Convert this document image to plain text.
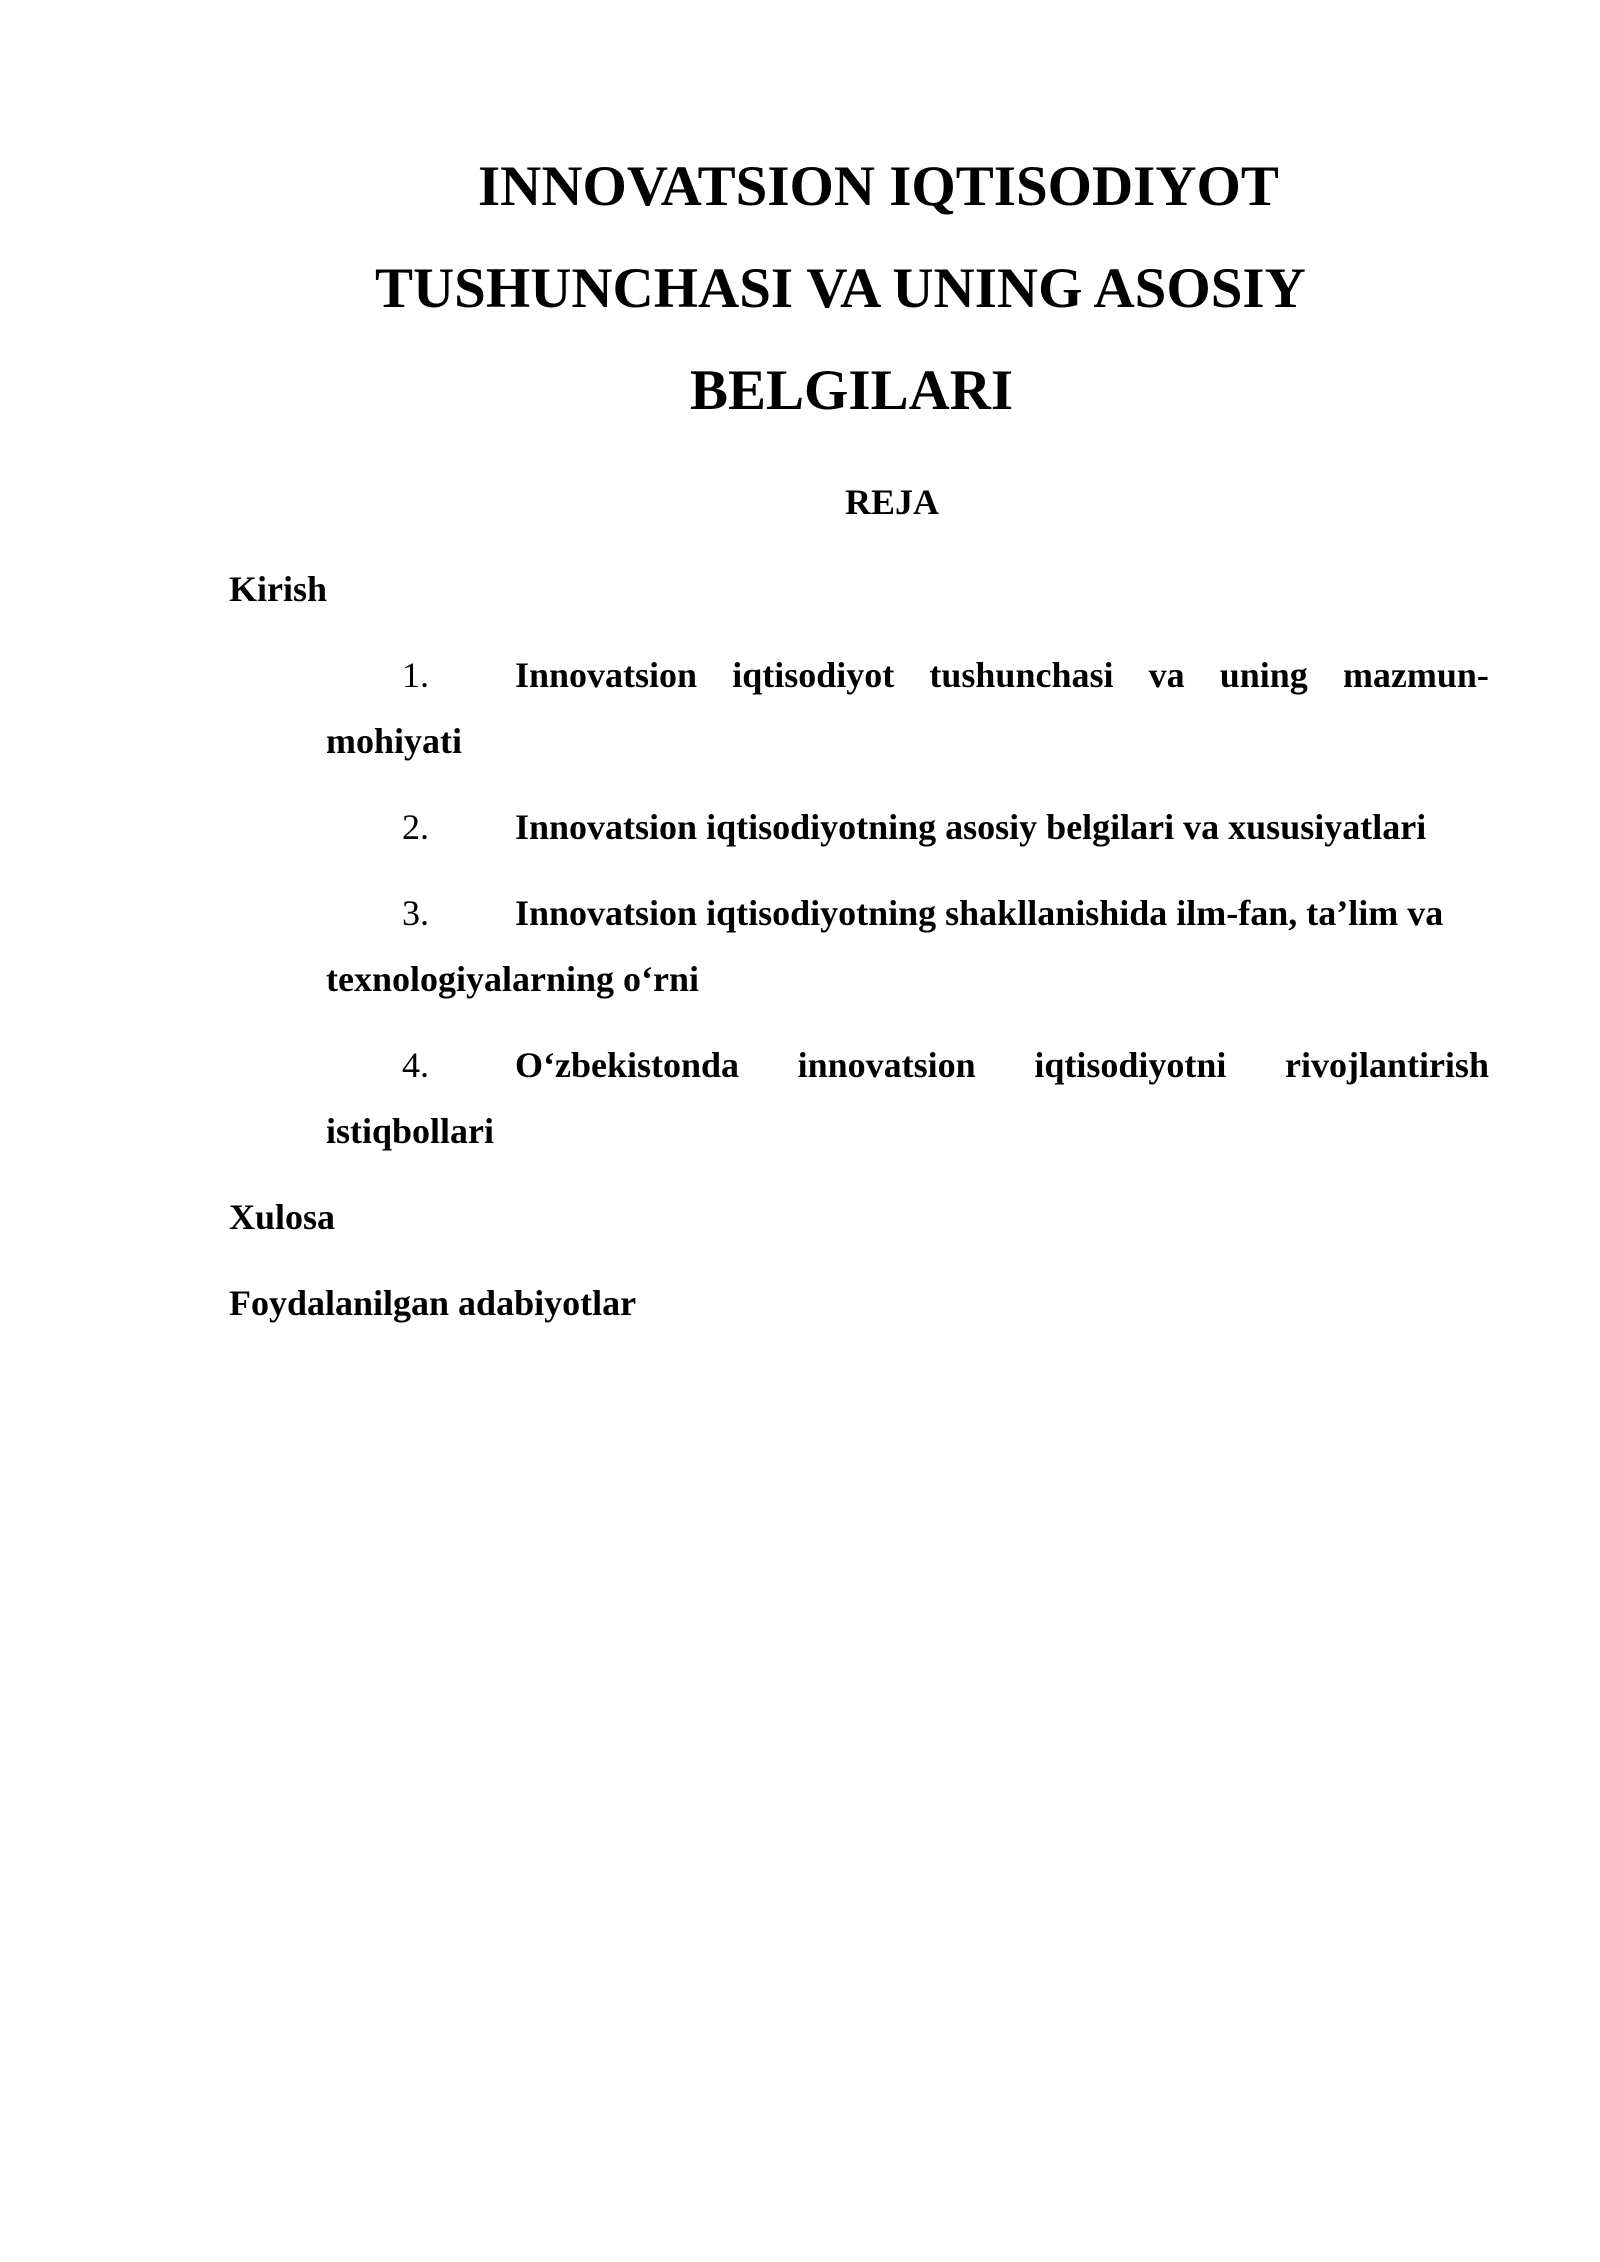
INNOVATSION IQTISODIYOT
TUSHUNCHASI VA UNING ASOSIY
BELGILARI
REJA

Kirish

1. Innovatsion iqtisodiyot tushunchasi va uning mazmun-
mohiyati
2. Innovatsion iqtisodiyotning asosiy belgilari va xususiyatlari
3. Innovatsion iqtisodiyotning shakllanishida ilm-fan, ta’lim va
texnologiyalarning o‘rni
4. O‘zbekistonda innovatsion iqtisodiyotni rivojlantirish
istiqbollari

Xulosa

Foydalanilgan adabiyotlar
